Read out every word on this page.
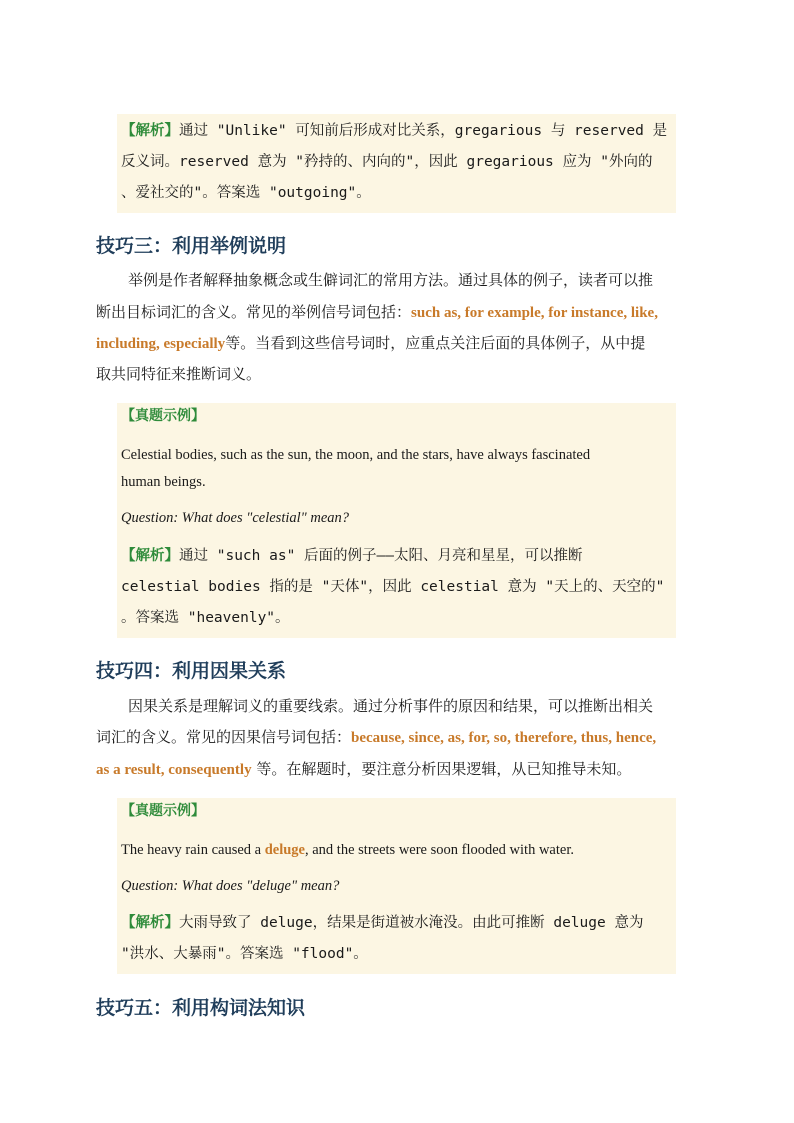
【解析】通过 "Unlike" 可知前后形成对比关系，gregarious 与 reserved 是
反义词。reserved 意为 "矜持的、内向的"，因此 gregarious 应为 "外向的
、爱社交的"。答案选 "outgoing"。
技巧三：利用举例说明
举例是作者解释抽象概念或生僻词汇的常用方法。通过具体的例子，读者可以推
断出目标词汇的含义。常见的举例信号词包括：such as, for example, for instance, like,
including, especially等。当看到这些信号词时，应重点关注后面的具体例子，从中提
取共同特征来推断词义。
【真题示例】
Celestial bodies, such as the sun, the moon, and the stars, have always fascinated
human beings.
Question: What does "celestial" mean?
【解析】通过 "such as" 后面的例子——太阳、月亮和星星，可以推断
celestial bodies 指的是 "天体"，因此 celestial 意为 "天上的、天空的"
。答案选 "heavenly"。
技巧四：利用因果关系
因果关系是理解词义的重要线索。通过分析事件的原因和结果，可以推断出相关
词汇的含义。常见的因果信号词包括：because, since, as, for, so, therefore, thus, hence,
as a result, consequently 等。在解题时，要注意分析因果逻辑，从已知推导未知。
【真题示例】
The heavy rain caused a deluge, and the streets were soon flooded with water.
Question: What does "deluge" mean?
【解析】大雨导致了 deluge，结果是街道被水淹没。由此可推断 deluge 意为
"洪水、大暴雨"。答案选 "flood"。
技巧五：利用构词法知识
